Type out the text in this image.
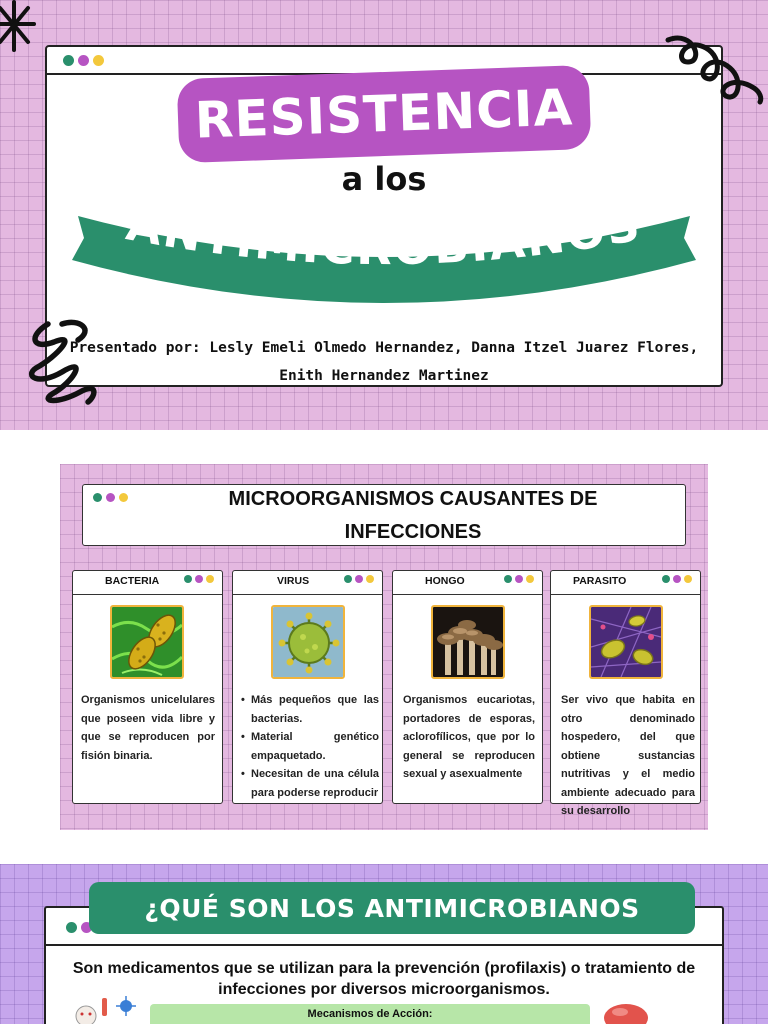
RESISTENCIA
a los
ANTIMICROBIANOS
Presentado por: Lesly Emeli Olmedo Hernandez, Danna Itzel Juarez Flores,
Enith Hernandez Martinez
MICROORGANISMOS CAUSANTES DE
INFECCIONES
BACTERIA
Organismos unicelulares que poseen vida libre y que se reproducen por fisión binaria.
VIRUS
• Más pequeños que las bacterias.
• Material genético empaquetado.
• Necesitan de una célula para poderse reproducir
HONGO
Organismos eucariotas, portadores de esporas, aclorofílicos, que por lo general se reproducen sexual y asexualmente
PARASITO
Ser vivo que habita en otro denominado hospedero, del que obtiene sustancias nutritivas y el medio ambiente adecuado para su desarrollo
¿QUÉ SON LOS ANTIMICROBIANOS
Son medicamentos que se utilizan para la prevención (profilaxis) o tratamiento de infecciones por diversos microorganismos.
Mecanismos de Acción:
